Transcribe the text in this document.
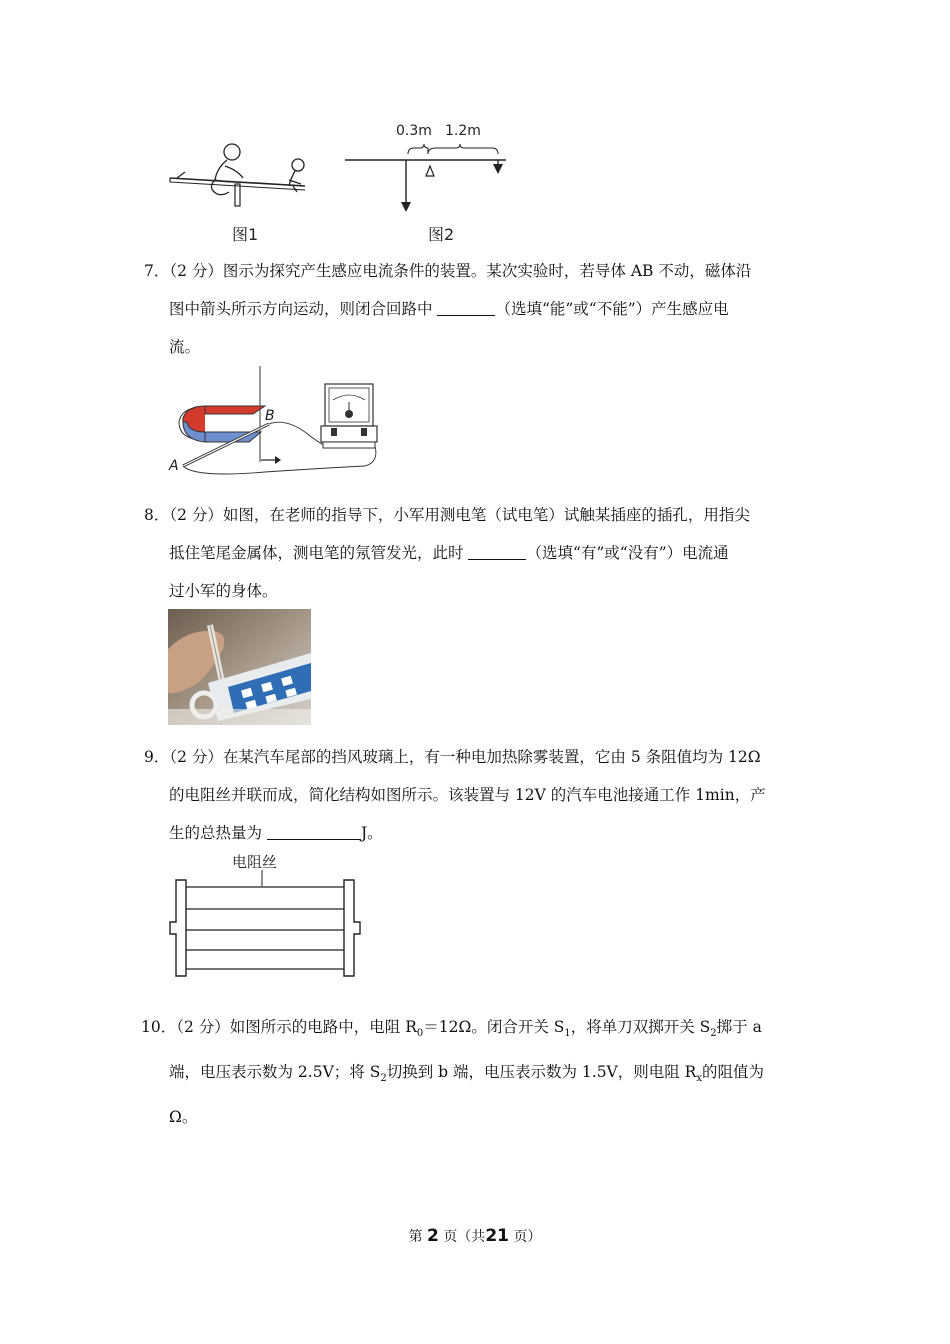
图1
0.3m 1.2m
图2
7．（2 分）图示为探究产生感应电流条件的装置。某次实验时，若导体 AB 不动，磁体沿
图中箭头所示方向运动，则闭合回路中	（选填“能”或“不能”）产生感应电
流。
A
B
8．（2 分）如图，在老师的指导下，小军用测电笔（试电笔）试触某插座的插孔，用指尖
抵住笔尾金属体，测电笔的氖管发光，此时	（选填“有”或“没有”）电流通
过小军的身体。
9．（2 分）在某汽车尾部的挡风玻璃上，有一种电加热除雾装置，它由 5 条阻值均为 12Ω
的电阻丝并联而成，简化结构如图所示。该装置与 12V 的汽车电池接通工作 1min，产
生的总热量为	J。
电阻丝
10．（2 分）如图所示的电路中，电阻 $R_0=12\Omega$。闭合开关 $S_1$，将单刀双掷开关 $S_2$掷于 a
端，电压表示数为 2.5V；将 $S_2$切换到 b 端，电压表示数为 1.5V，则电阻 $R_x$的阻值为
Ω。
第 2 页（共21 页）
